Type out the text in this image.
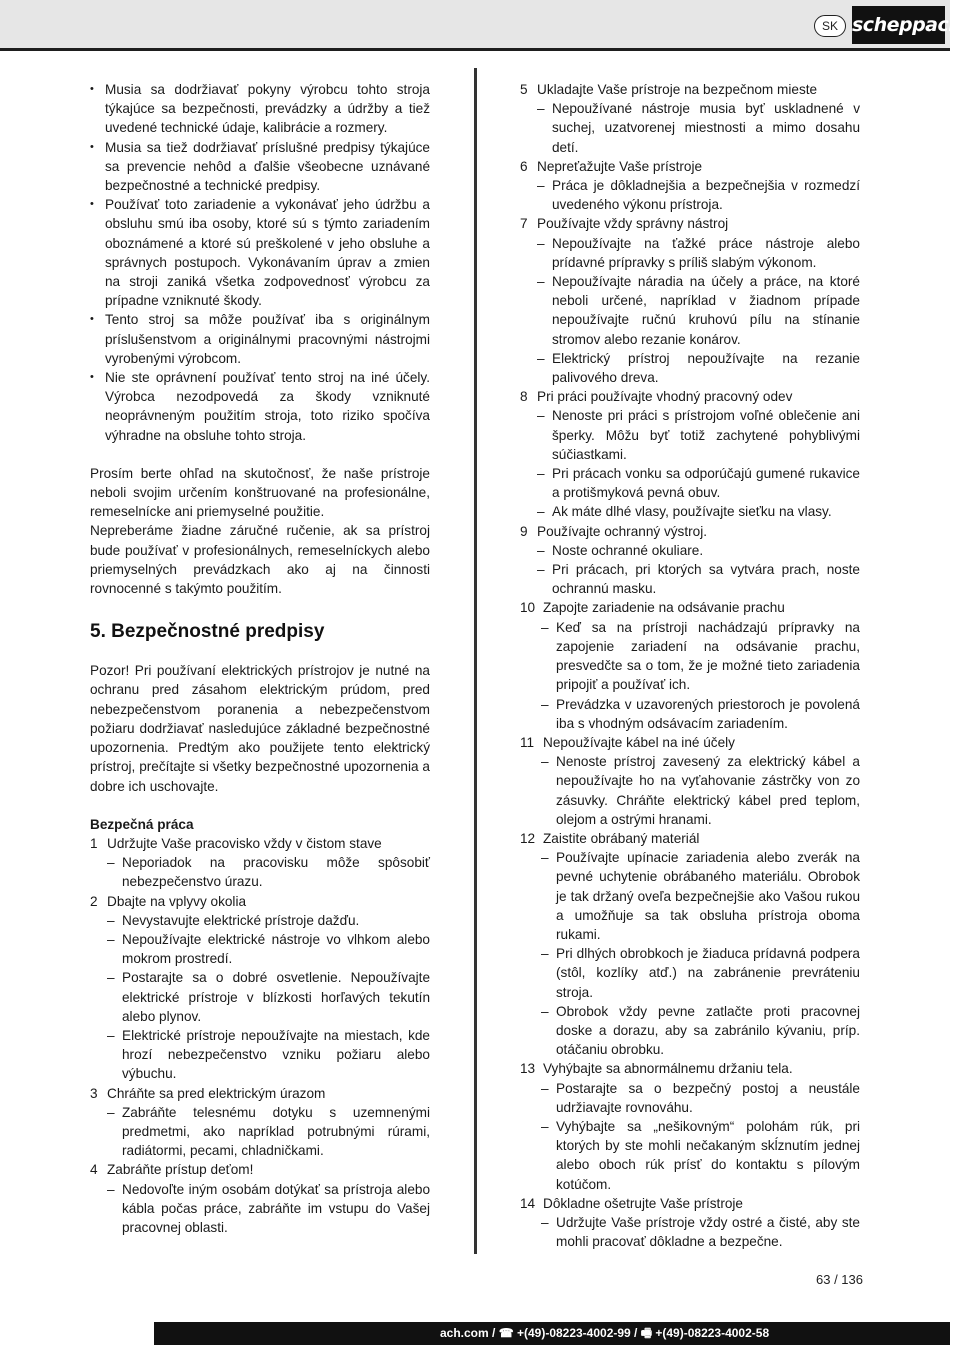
SK scheppach
• Musia sa dodržiavať pokyny výrobcu tohto stroja týkajúce sa bezpečnosti, prevádzky a údržby a tiež uvedené technické údaje, kalibrácie a rozmery.
• Musia sa tiež dodržiavať príslušné predpisy týkajúce sa prevencie nehôd a ďalšie všeobecne uznávané bezpečnostné a technické predpisy.
• Používať toto zariadenie a vykonávať jeho údržbu a obsluhu smú iba osoby, ktoré sú s týmto zariadením oboznámené a ktoré sú preškolené v jeho obsluhe a správnych postupoch. Vykonávaním úprav a zmien na stroji zaniká všetka zodpovednosť výrobcu za prípadne vzniknuté škody.
• Tento stroj sa môže používať iba s originálnym príslušenstvom a originálnymi pracovnými nástrojmi vyrobenými výrobcom.
• Nie ste oprávnení používať tento stroj na iné účely. Výrobca nezodpovedá za škody vzniknuté neoprávneným použitím stroja, toto riziko spočíva výhradne na obsluhe tohto stroja.
Prosím berte ohľad na skutočnosť, že naše prístroje neboli svojim určením konštruované na profesionálne, remeselnícke ani priemyselné použitie.
Nepreberáme žiadne záručné ručenie, ak sa prístroj bude používať v profesionálnych, remeselníckych alebo priemyselných prevádzkach ako aj na činnosti rovnocenné s takýmto použitím.
5. Bezpečnostné predpisy
Pozor! Pri používaní elektrických prístrojov je nutné na ochranu pred zásahom elektrickým prúdom, pred nebezpečenstvom poranenia a nebezpečenstvom požiaru dodržiavať nasledujúce základné bezpečnostné upozornenia. Predtým ako použijete tento elektrický prístroj, prečítajte si všetky bezpečnostné upozornenia a dobre ich uschovajte.
Bezpečná práca
1 Udržujte Vaše pracovisko vždy v čistom stave
– Neporiadok na pracovisku môže spôsobiť nebezpečenstvo úrazu.
2 Dbajte na vplyvy okolia
– Nevystavujte elektrické prístroje dažďu.
– Nepoužívajte elektrické nástroje vo vlhkom alebo mokrom prostredí.
– Postarajte sa o dobré osvetlenie. Nepoužívajte elektrické prístroje v blízkosti horľavých tekutín alebo plynov.
– Elektrické prístroje nepoužívajte na miestach, kde hrozí nebezpečenstvo vzniku požiaru alebo výbuchu.
3 Chráňte sa pred elektrickým úrazom
– Zabráňte telesnému dotyku s uzemnenými predmetmi, ako napríklad potrubnými rúrami, radiátormi, pecami, chladničkami.
4 Zabráňte prístup deťom!
– Nedovoľte iným osobám dotýkať sa prístroja alebo kábla počas práce, zabráňte im vstupu do Vašej pracovnej oblasti.
5 Ukladajte Vaše prístroje na bezpečnom mieste
– Nepoužívané nástroje musia byť uskladnené v suchej, uzatvorenej miestnosti a mimo dosahu detí.
6 Nepreťažujte Vaše prístroje
– Práca je dôkladnejšia a bezpečnejšia v rozmedzí uvedeného výkonu prístroja.
7 Používajte vždy správny nástroj
– Nepoužívajte na ťažké práce nástroje alebo prídavné prípravky s príliš slabým výkonom.
– Nepoužívajte náradia na účely a práce, na ktoré neboli určené, napríklad v žiadnom prípade nepoužívajte ručnú kruhovú pílu na stínanie stromov alebo rezanie konárov.
– Elektrický prístroj nepoužívajte na rezanie palivového dreva.
8 Pri práci používajte vhodný pracovný odev
– Nenoste pri práci s prístrojom voľné oblečenie ani šperky. Môžu byť totiž zachytené pohyblivými súčiastkami.
– Pri prácach vonku sa odporúčajú gumené rukavice a protišmyková pevná obuv.
– Ak máte dlhé vlasy, používajte sieťku na vlasy.
9 Používajte ochranný výstroj.
– Noste ochranné okuliare.
– Pri prácach, pri ktorých sa vytvára prach, noste ochrannú masku.
10 Zapojte zariadenie na odsávanie prachu
– Keď sa na prístroji nachádzajú prípravky na zapojenie zariadení na odsávanie prachu, presvedčte sa o tom, že je možné tieto zariadenia pripojiť a používať ich.
– Prevádzka v uzavorených priestoroch je povolená iba s vhodným odsávacím zariadením.
11 Nepoužívajte kábel na iné účely
– Nenoste prístroj zavesený za elektrický kábel a nepoužívajte ho na vyťahovanie zástrčky von zo zásuvky. Chráňte elektrický kábel pred teplom, olejom a ostrými hranami.
12 Zaistite obrábaný materiál
– Používajte upínacie zariadenia alebo zverák na pevné uchytenie obrábaného materiálu. Obrobok je tak držaný oveľa bezpečnejšie ako Vašou rukou a umožňuje sa tak obsluha prístroja oboma rukami.
– Pri dlhých obrobkoch je žiaduca prídavná podpera (stôl, kozlíky atď.) na zabránenie prevráteniu stroja.
– Obrobok vždy pevne zatlačte proti pracovnej doske a dorazu, aby sa zabránilo kývaniu, príp. otáčaniu obrobku.
13 Vyhýbajte sa abnormálnemu držaniu tela.
– Postarajte sa o bezpečný postoj a neustále udržiavajte rovnováhu.
– Vyhýbajte sa „nešikovným“ polohám rúk, pri ktorých by ste mohli nečakaným skĺznutím jednej alebo oboch rúk prísť do kontaktu s pílovým kotúčom.
14 Dôkladne ošetrujte Vaše prístroje
– Udržujte Vaše prístroje vždy ostré a čisté, aby ste mohli pracovať dôkladne a bezpečne.
63 / 136
ach.com / ☎ +(49)-08223-4002-99 / 🖷 +(49)-08223-4002-58
